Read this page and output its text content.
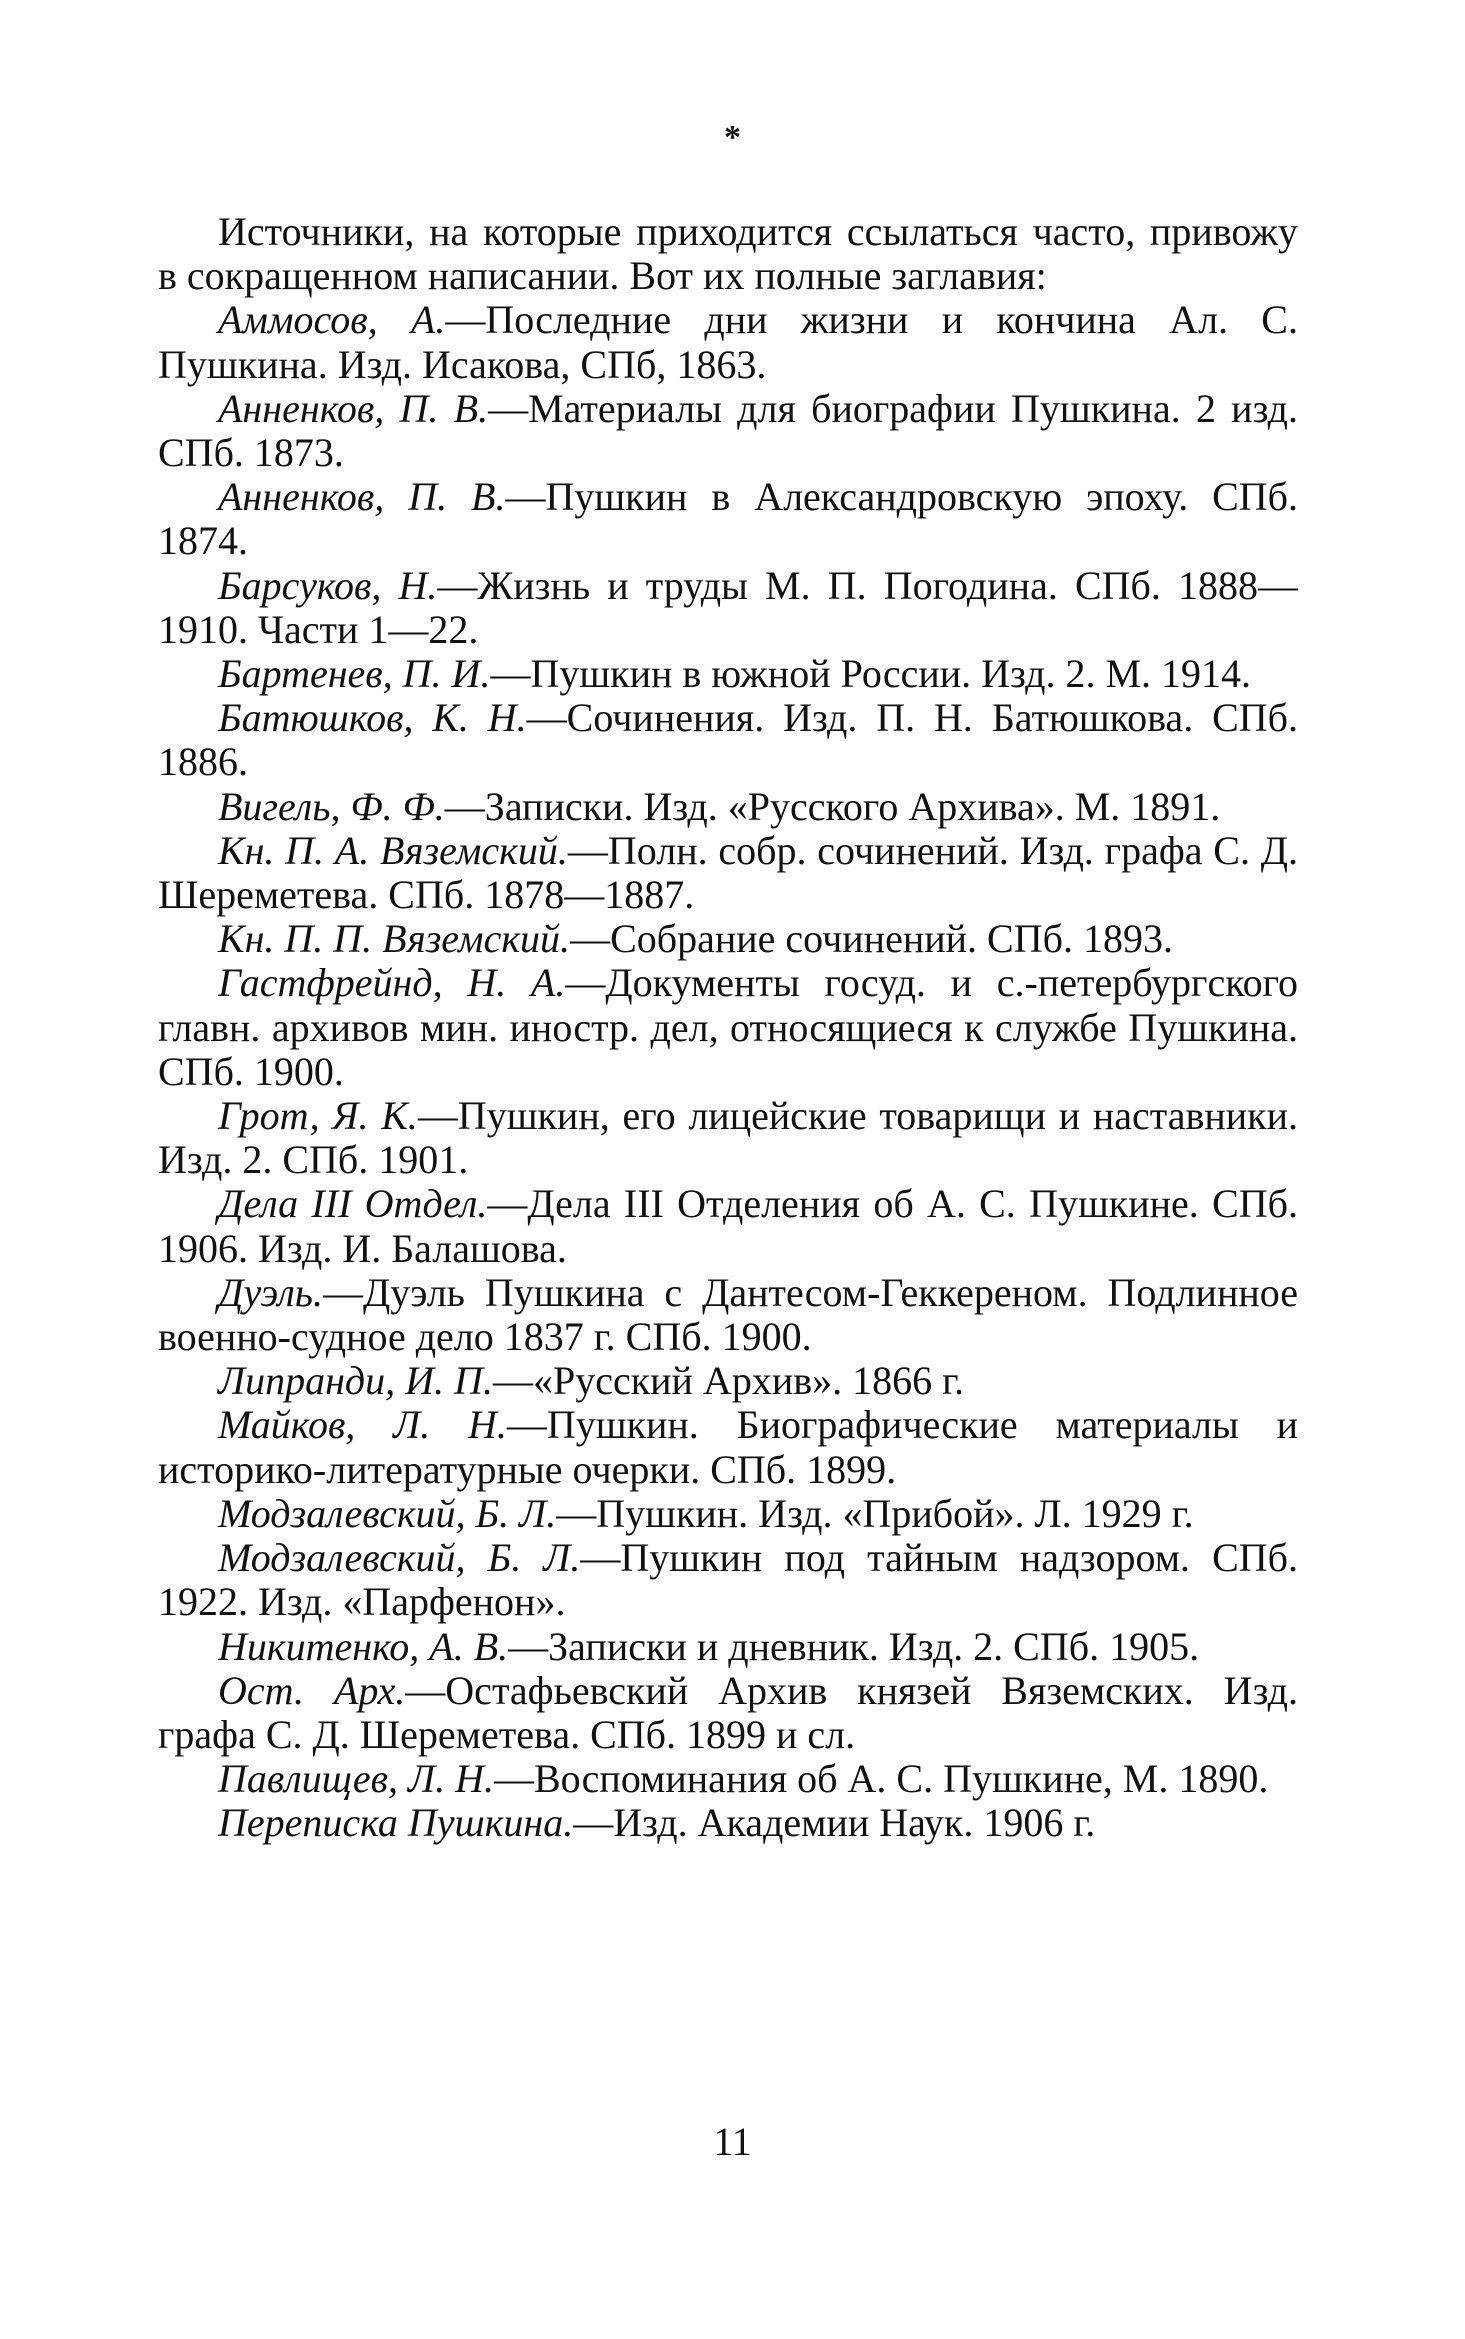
*

Источники, на которые приходится ссылаться часто, привожу в сокращенном написании. Вот их полные заглавия:

Аммосов, А.—Последние дни жизни и кончина Ал. С. Пушкина. Изд. Исакова, СПб, 1863.

Анненков, П. В.—Материалы для биографии Пушкина. 2 изд. СПб. 1873.

Анненков, П. В.—Пушкин в Александровскую эпоху. СПб. 1874.

Барсуков, Н.—Жизнь и труды М. П. Погодина. СПб. 1888—1910. Части 1—22.

Бартенев, П. И.—Пушкин в южной России. Изд. 2. М. 1914.

Батюшков, К. Н.—Сочинения. Изд. П. Н. Батюшкова. СПб. 1886.

Вигель, Ф. Ф.—Записки. Изд. «Русского Архива». М. 1891.

Кн. П. А. Вяземский.—Полн. собр. сочинений. Изд. графа С. Д. Шереметева. СПб. 1878—1887.

Кн. П. П. Вяземский.—Собрание сочинений. СПб. 1893.

Гастфрейнд, Н. А.—Документы госуд. и с.-петербургского главн. архивов мин. иностр. дел, относящиеся к службе Пушкина. СПб. 1900.

Грот, Я. К.—Пушкин, его лицейские товарищи и наставники. Изд. 2. СПб. 1901.

Дела III Отдел.—Дела III Отделения об А. С. Пушкине. СПб. 1906. Изд. И. Балашова.

Дуэль.—Дуэль Пушкина с Дантесом-Геккереном. Подлинное военно-судное дело 1837 г. СПб. 1900.

Липранди, И. П.—«Русский Архив». 1866 г.

Майков, Л. Н.—Пушкин. Биографические материалы и историко-литературные очерки. СПб. 1899.

Модзалевский, Б. Л.—Пушкин. Изд. «Прибой». Л. 1929 г.

Модзалевский, Б. Л.—Пушкин под тайным надзором. СПб. 1922. Изд. «Парфенон».

Никитенко, А. В.—Записки и дневник. Изд. 2. СПб. 1905.

Ост. Арх.—Остафьевский Архив князей Вяземских. Изд. графа С. Д. Шереметева. СПб. 1899 и сл.

Павлищев, Л. Н.—Воспоминания об А. С. Пушкине, М. 1890.

Переписка Пушкина.—Изд. Академии Наук. 1906 г.

11
